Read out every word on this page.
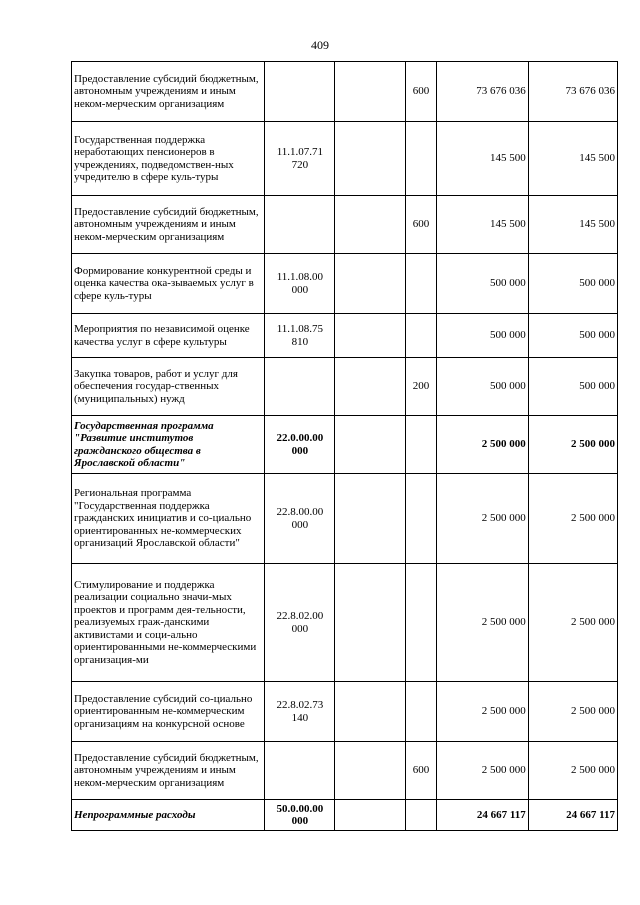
409
Предоставление субсидий бюджетным, автономным учреждениям и иным неком-мерческим организациям			600	73 676 036	73 676 036
Государственная поддержка неработающих пенсионеров в учреждениях, подведомствен-ных учредителю в сфере куль-туры	11.1.07.71 720			145 500	145 500
Предоставление субсидий бюджетным, автономным учреждениям и иным неком-мерческим организациям			600	145 500	145 500
Формирование конкурентной среды и оценка качества ока-зываемых услуг в сфере куль-туры	11.1.08.00 000			500 000	500 000
Мероприятия по независимой оценке качества услуг в сфере культуры	11.1.08.75 810			500 000	500 000
Закупка товаров, работ и услуг для обеспечения государ-ственных (муниципальных) нужд			200	500 000	500 000
Государственная программа "Развитие институтов гражданского общества в Ярославской области"	22.0.00.00 000			2 500 000	2 500 000
Региональная программа "Государственная поддержка гражданских инициатив и со-циально ориентированных не-коммерческих организаций Ярославской области"	22.8.00.00 000			2 500 000	2 500 000
Стимулирование и поддержка реализации социально значи-мых проектов и программ дея-тельности, реализуемых граж-данскими активистами и соци-ально ориентированными не-коммерческими организация-ми	22.8.02.00 000			2 500 000	2 500 000
Предоставление субсидий со-циально ориентированным не-коммерческим организациям на конкурсной основе	22.8.02.73 140			2 500 000	2 500 000
Предоставление субсидий бюджетным, автономным учреждениям и иным неком-мерческим организациям			600	2 500 000	2 500 000
Непрограммные расходы	50.0.00.00 000			24 667 117	24 667 117
